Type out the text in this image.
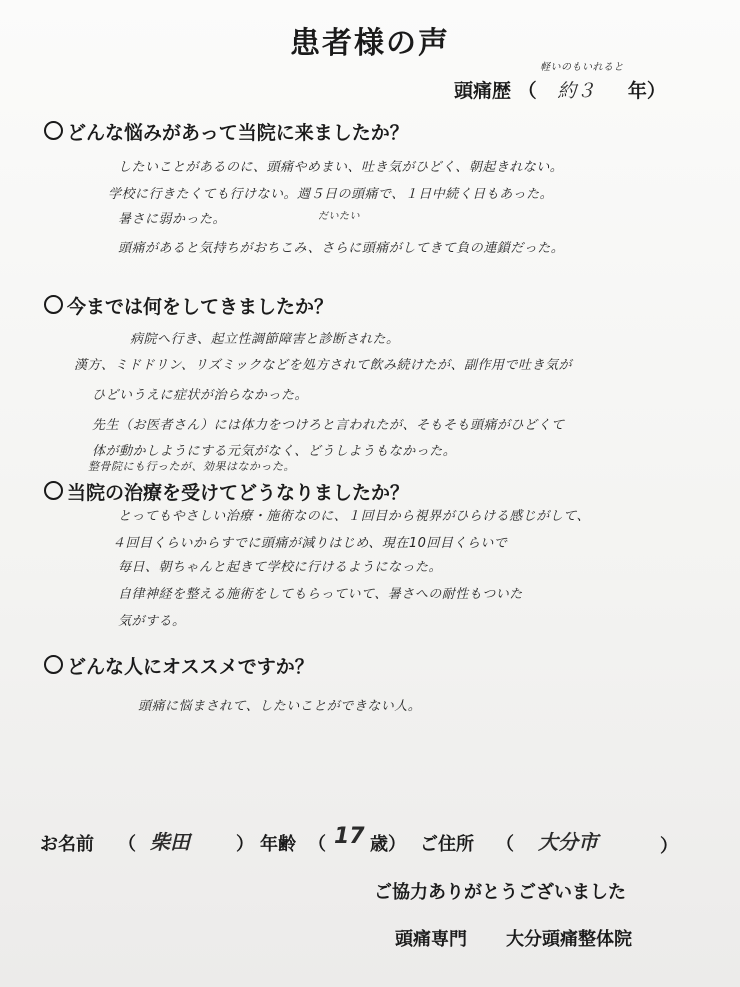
患者様の声
軽いのもいれると
頭痛歴 （ 約３ 年）
どんな悩みがあって当院に来ましたか？
したいことがあるのに、頭痛やめまい、吐き気がひどく、朝起きれない。
学校に行きたくても行けない。週５日の頭痛で、１日中続く日もあった。
暑さに弱かった。	だいたい
頭痛があると気持ちがおちこみ、さらに頭痛がしてきて負の連鎖だった。
今までは何をしてきましたか？
病院へ行き、起立性調節障害と診断された。
漢方、ミドドリン、リズミックなどを処方されて飲み続けたが、副作用で吐き気が
ひどいうえに症状が治らなかった。
先生（お医者さん）には体力をつけろと言われたが、そもそも頭痛がひどくて
体が動かしようにする元気がなく、どうしようもなかった。
整骨院にも行ったが、効果はなかった。
当院の治療を受けてどうなりましたか？
とってもやさしい治療・施術なのに、１回目から視界がひらける感じがして、
４回目くらいからすでに頭痛が減りはじめ、現在10回目くらいで
毎日、朝ちゃんと起きて学校に行けるようになった。
自律神経を整える施術をしてもらっていて、暑さへの耐性もついた
気がする。
どんな人にオススメですか？
頭痛に悩まされて、したいことができない人。
お名前 （ 柴田	） 年齢 （ 17 歳） ご住所 （ 大分市	）
ご協力ありがとうございました
頭痛専門 大分頭痛整体院
